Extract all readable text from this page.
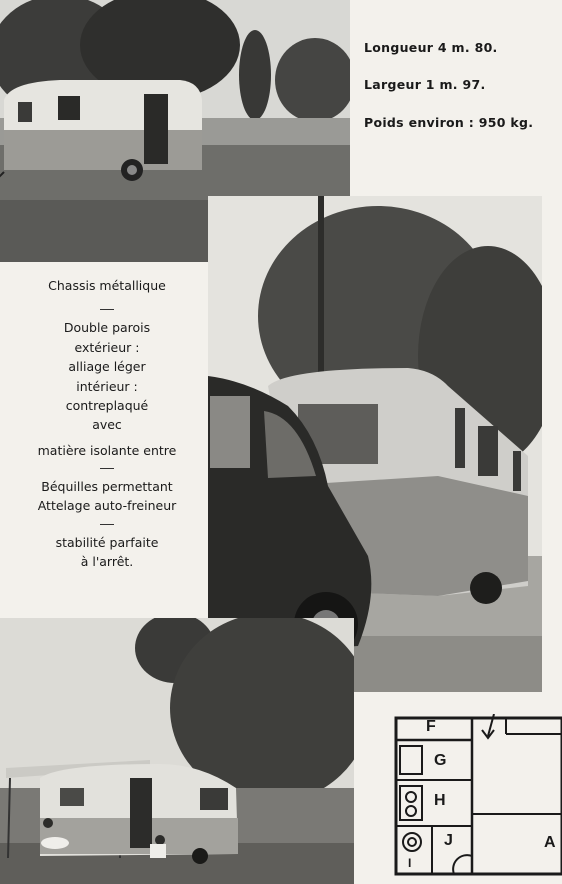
Longueur 4 m. 80.

Largeur 1 m. 97.

Poids environ : 950 kg.

Chassis métallique

Double parois

extérieur :

alliage léger

intérieur :

contreplaqué

avec

matière isolante entre

Béquilles permettant

Attelage auto-freineur

stabilité parfaite

à l'arrêt.

F
G
H
J
I
A
